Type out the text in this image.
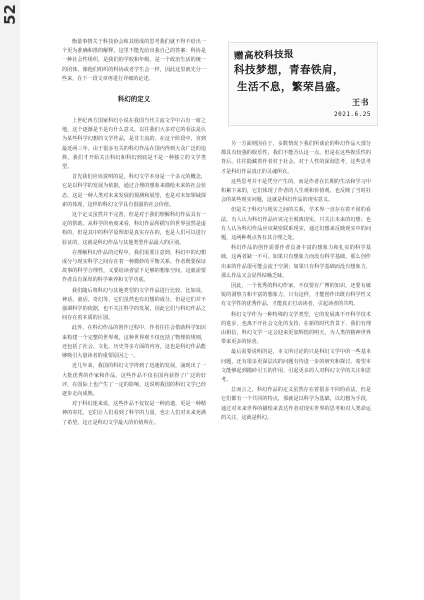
52

衡量事情关于科技协会和其组成的思考我们就不得不给出一个更为准确和准的解释，这里不能先给出我自己的答案：科协是一种社会性组织，是我们的学校和年级，是一个政治生活的统一的团体，像他们组织的科协或者学生会一样，因此这里就先分一些来，在下一段文章再进行详细的论述。

科幻的定义

上世纪西方国家科幻小说在我国当代主流文学中占有一席之地，这个逐渐是不是有什么意义，以往我们大多对它的看法是认为某些科学幻想的文学作品，是非主流的。在这个阶段中，直到最近两三年，由于很多有关的科幻作品在国内得到大众广泛的追捧，我们才开始关注科幻和科幻到底是不是一种独立的文学类型。

首先我们应该说明的是，科幻文学本身是一个多元的概念，它是以科学的发展为依据，通过合理的想象来描绘未来的社会状态，这是一种人类对未来发展的预测和展望，也是对未知领域探索的体现，这样的科幻文学具有很强的社会价值。

这个定义虽然并不完善，但是对于我们理解科幻作品具有一定的帮助。从科学的角度来看，科幻作品所描写的世界虽然是虚构的，但是其中的科学原理却是真实存在的，也是人们可以进行验证的，这就是科幻作品与其他类型作品最大的区别。

在理解科幻作品的过程中，我们需要注意到，科幻中的幻想成分与现实科学之间存在着一种微妙的平衡关系。作者既要保证故事的科学合理性，又要给读者留下足够的想象空间，这就需要作者具有深厚的科学素养和文学功底。

我们随后将科幻与其他类型的文学作品进行比较，比如说，神话、童话、奇幻等，它们虽然也有幻想的成分，但是它们并不强调科学的依据，也不关注科学的发展，因此它们与科幻作品之间存在着本质的区别。

此外，在科幻作品的创作过程中，作者往往会借助科学知识来构建一个完整的世界观，这种世界观不仅包括了物理的规则，还包括了社会、文化、历史等多方面的内容，这也是科幻作品能够吸引大量读者的重要原因之一。

近几年来，我国的科幻文学得到了迅速的发展，涌现出了一大批优秀的作家和作品，这些作品不仅在国内获得了广泛的好评，在国际上也产生了一定的影响，这说明我国的科幻文学已经逐步走向成熟。

对于科幻迷来说，这些作品不仅仅是一种消遣，更是一种精神的寄托，它们让人们看到了科学的力量，也让人们对未来充满了希望，这正是科幻文学最大的价值所在。

赠高校科技报
科技梦想，青春铁肩，
生活不息，繁荣昌盛。
王书
2021.6.25

另一方面则因在于，多数情况下我们所谈论的科幻作品大部分都具有较强的娱乐性，我们不能否认这一点。但是在这些娱乐性的背后，往往隐藏着作者对于社会、对于人性的深刻思考，这些思考才是科幻作品真正的灵魂所在。

这些思考并不是凭空产生的，而是作者在长期的生活和学习中积累下来的，它们体现了作者的人生观和价值观，也反映了当时社会的某些现实问题，这就是科幻作品的现实意义。

但是关于科幻与现实之间的关系，学术界一直存在着不同的看法，有人认为科幻作品应该完全脱离现实，只关注未来的幻想；也有人认为科幻作品应该紧密联系现实，通过幻想来反映现实中的问题，这两种观点各有其合理之处。

科幻作品的创作需要作者具备丰富的想象力和扎实的科学基础，这两者缺一不可。如果只有想象力而没有科学基础，那么创作出来的作品很可能会流于空洞；如果只有科学基础而没有想象力，那么作品又会显得枯燥乏味。

因此，一个优秀的科幻作家，不仅要有广博的知识，还要有敏锐的洞察力和丰富的想象力，只有这样，才能创作出既有科学性又有文学性的优秀作品，才能真正打动读者，引起读者的共鸣。

科幻文学作为一种特殊的文学类型，它的发展离不开科学技术的进步，也离不开社会文化的支持，在新的时代背景下，我们有理由相信，科幻文学一定会迎来更加辉煌的明天，为人类的精神世界带来更多的惊喜。

最后需要说明的是，本文所讨论的只是科幻文学中的一些基本问题，还有很多更深层次的问题有待进一步的研究和探讨，希望本文能够起到抛砖引玉的作用，引起更多的人对科幻文学的关注和思考。

总而言之，科幻作品的定义虽然存在着很多不同的看法，但是它们都有一个共同的特点，那就是以科学为基础，以幻想为手段，通过对未来世界的描绘来表达作者对现实世界的思考和对人类命运的关注，这就是科幻。
